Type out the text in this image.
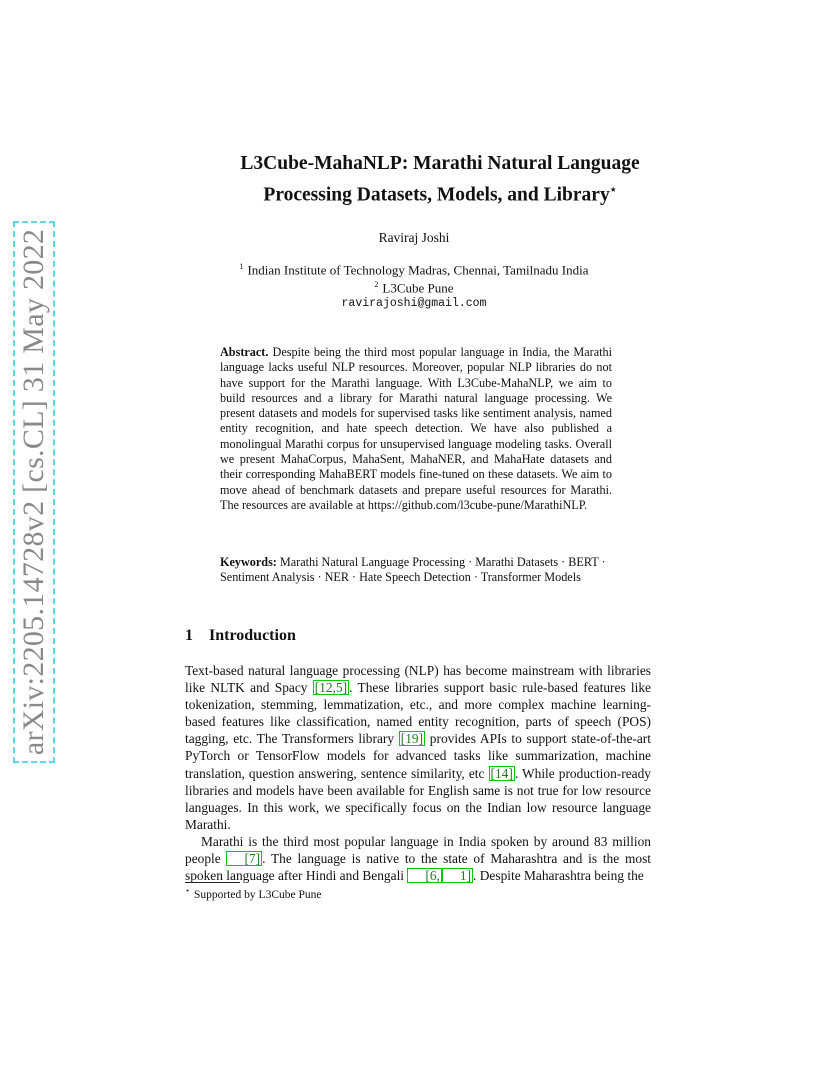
arXiv:2205.14728v2 [cs.CL] 31 May 2022
L3Cube-MahaNLP: Marathi Natural Language
Processing Datasets, Models, and Library⋆
Raviraj Joshi
$^1$ Indian Institute of Technology Madras, Chennai, Tamilnadu India
$^2$ L3Cube Pune
ravirajoshi@gmail.com
Abstract. Despite being the third most popular language in India, the Marathi language lacks useful NLP resources. Moreover, popular NLP libraries do not have support for the Marathi language. With L3Cube-MahaNLP, we aim to build resources and a library for Marathi natural language processing. We present datasets and models for supervised tasks like sentiment analysis, named entity recognition, and hate speech detection. We have also published a monolingual Marathi corpus for unsupervised language modeling tasks. Overall we present MahaCorpus, MahaSent, MahaNER, and MahaHate datasets and their corresponding MahaBERT models fine-tuned on these datasets. We aim to move ahead of benchmark datasets and prepare useful resources for Marathi. The resources are available at https://github.com/l3cube-pune/MarathiNLP.
Keywords: Marathi Natural Language Processing · Marathi Datasets · BERT · Sentiment Analysis · NER · Hate Speech Detection · Transformer Models
1 Introduction

Text-based natural language processing (NLP) has become mainstream with libraries like NLTK and Spacy [12,5] . These libraries support basic rule-based features like tokenization, stemming, lemmatization, etc., and more complex machine learning-based features like classification, named entity recognition, parts of speech (POS) tagging, etc. The Transformers library [19] provides APIs to support state-of-the-art PyTorch or TensorFlow models for advanced tasks like summarization, machine translation, question answering, sentence similarity, etc [14] . While production-ready libraries and models have been available for English same is not true for low resource languages. In this work, we specifically focus on the Indian low resource language Marathi.

Marathi is the third most popular language in India spoken by around 83 million people [7] . The language is native to the state of Maharashtra and is the most spoken language after Hindi and Bengali [6, 1] . Despite Maharashtra being the

⋆ Supported by L3Cube Pune
